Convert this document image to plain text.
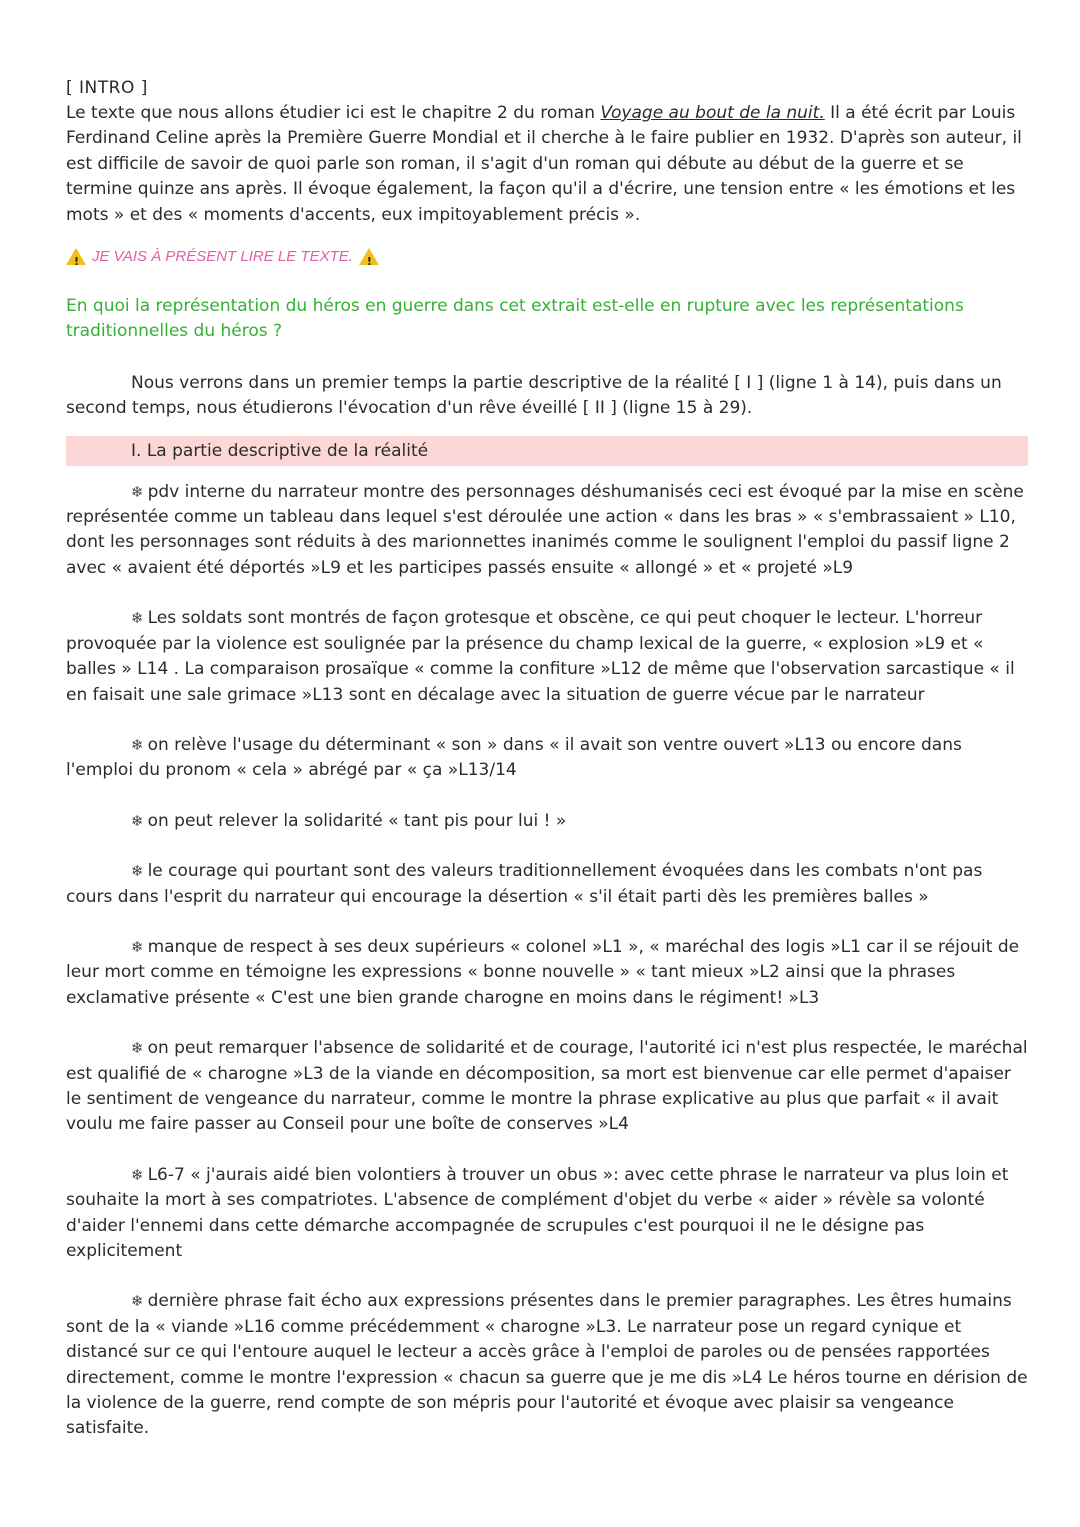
[ INTRO ]

Le texte que nous allons étudier ici est le chapitre 2 du roman Voyage au bout de la nuit. Il a été écrit par Louis Ferdinand Celine après la Première Guerre Mondial et il cherche à le faire publier en 1932. D'après son auteur, il est difficile de savoir de quoi parle son roman, il s'agit d'un roman qui débute au début de la guerre et se termine quinze ans après. Il évoque également, la façon qu'il a d'écrire, une tension entre « les émotions et les mots » et des « moments d'accents, eux impitoyablement précis ».

!
JE VAIS À PRÉSENT LIRE LE TEXTE.
!

En quoi la représentation du héros en guerre dans cet extrait est-elle en rupture avec les représentations traditionnelles du héros ?

Nous verrons dans un premier temps la partie descriptive de la réalité [ I ] (ligne 1 à 14), puis dans un second temps, nous étudierons l'évocation d'un rêve éveillé [ II ] (ligne 15 à 29).

I. La partie descriptive de la réalité

❄ pdv interne du narrateur montre des personnages déshumanisés ceci est évoqué par la mise en scène représentée comme un tableau dans lequel s'est déroulée une action « dans les bras » « s'embrassaient » L10, dont les personnages sont réduits à des marionnettes inanimés comme le soulignent l'emploi du passif ligne 2 avec « avaient été déportés »L9 et les participes passés ensuite « allongé » et « projeté »L9

❄ Les soldats sont montrés de façon grotesque et obscène, ce qui peut choquer le lecteur. L'horreur provoquée par la violence est soulignée par la présence du champ lexical de la guerre, « explosion »L9 et « balles » L14 . La comparaison prosaïque « comme la confiture »L12 de même que l'observation sarcastique « il en faisait une sale grimace »L13 sont en décalage avec la situation de guerre vécue par le narrateur

❄ on relève l'usage du déterminant « son » dans « il avait son ventre ouvert »L13 ou encore dans l'emploi du pronom « cela » abrégé par « ça »L13/14

❄ on peut relever la solidarité « tant pis pour lui ! »

❄ le courage qui pourtant sont des valeurs traditionnellement évoquées dans les combats n'ont pas cours dans l'esprit du narrateur qui encourage la désertion « s'il était parti dès les premières balles »

❄ manque de respect à ses deux supérieurs « colonel »L1 », « maréchal des logis »L1 car il se réjouit de leur mort comme en témoigne les expressions « bonne nouvelle » « tant mieux »L2 ainsi que la phrases exclamative présente « C'est une bien grande charogne en moins dans le régiment! »L3

❄ on peut remarquer l'absence de solidarité et de courage, l'autorité ici n'est plus respectée, le maréchal est qualifié de « charogne »L3 de la viande en décomposition, sa mort est bienvenue car elle permet d'apaiser le sentiment de vengeance du narrateur, comme le montre la phrase explicative au plus que parfait « il avait voulu me faire passer au Conseil pour une boîte de conserves »L4

❄ L6-7 « j'aurais aidé bien volontiers à trouver un obus »: avec cette phrase le narrateur va plus loin et souhaite la mort à ses compatriotes. L'absence de complément d'objet du verbe « aider » révèle sa volonté d'aider l'ennemi dans cette démarche accompagnée de scrupules c'est pourquoi il ne le désigne pas explicitement

❄ dernière phrase fait écho aux expressions présentes dans le premier paragraphes. Les êtres humains sont de la « viande »L16 comme précédemment « charogne »L3. Le narrateur pose un regard cynique et distancé sur ce qui l'entoure auquel le lecteur a accès grâce à l'emploi de paroles ou de pensées rapportées directement, comme le montre l'expression « chacun sa guerre que je me dis »L4 Le héros tourne en dérision de la violence de la guerre, rend compte de son mépris pour l'autorité et évoque avec plaisir sa vengeance satisfaite.
